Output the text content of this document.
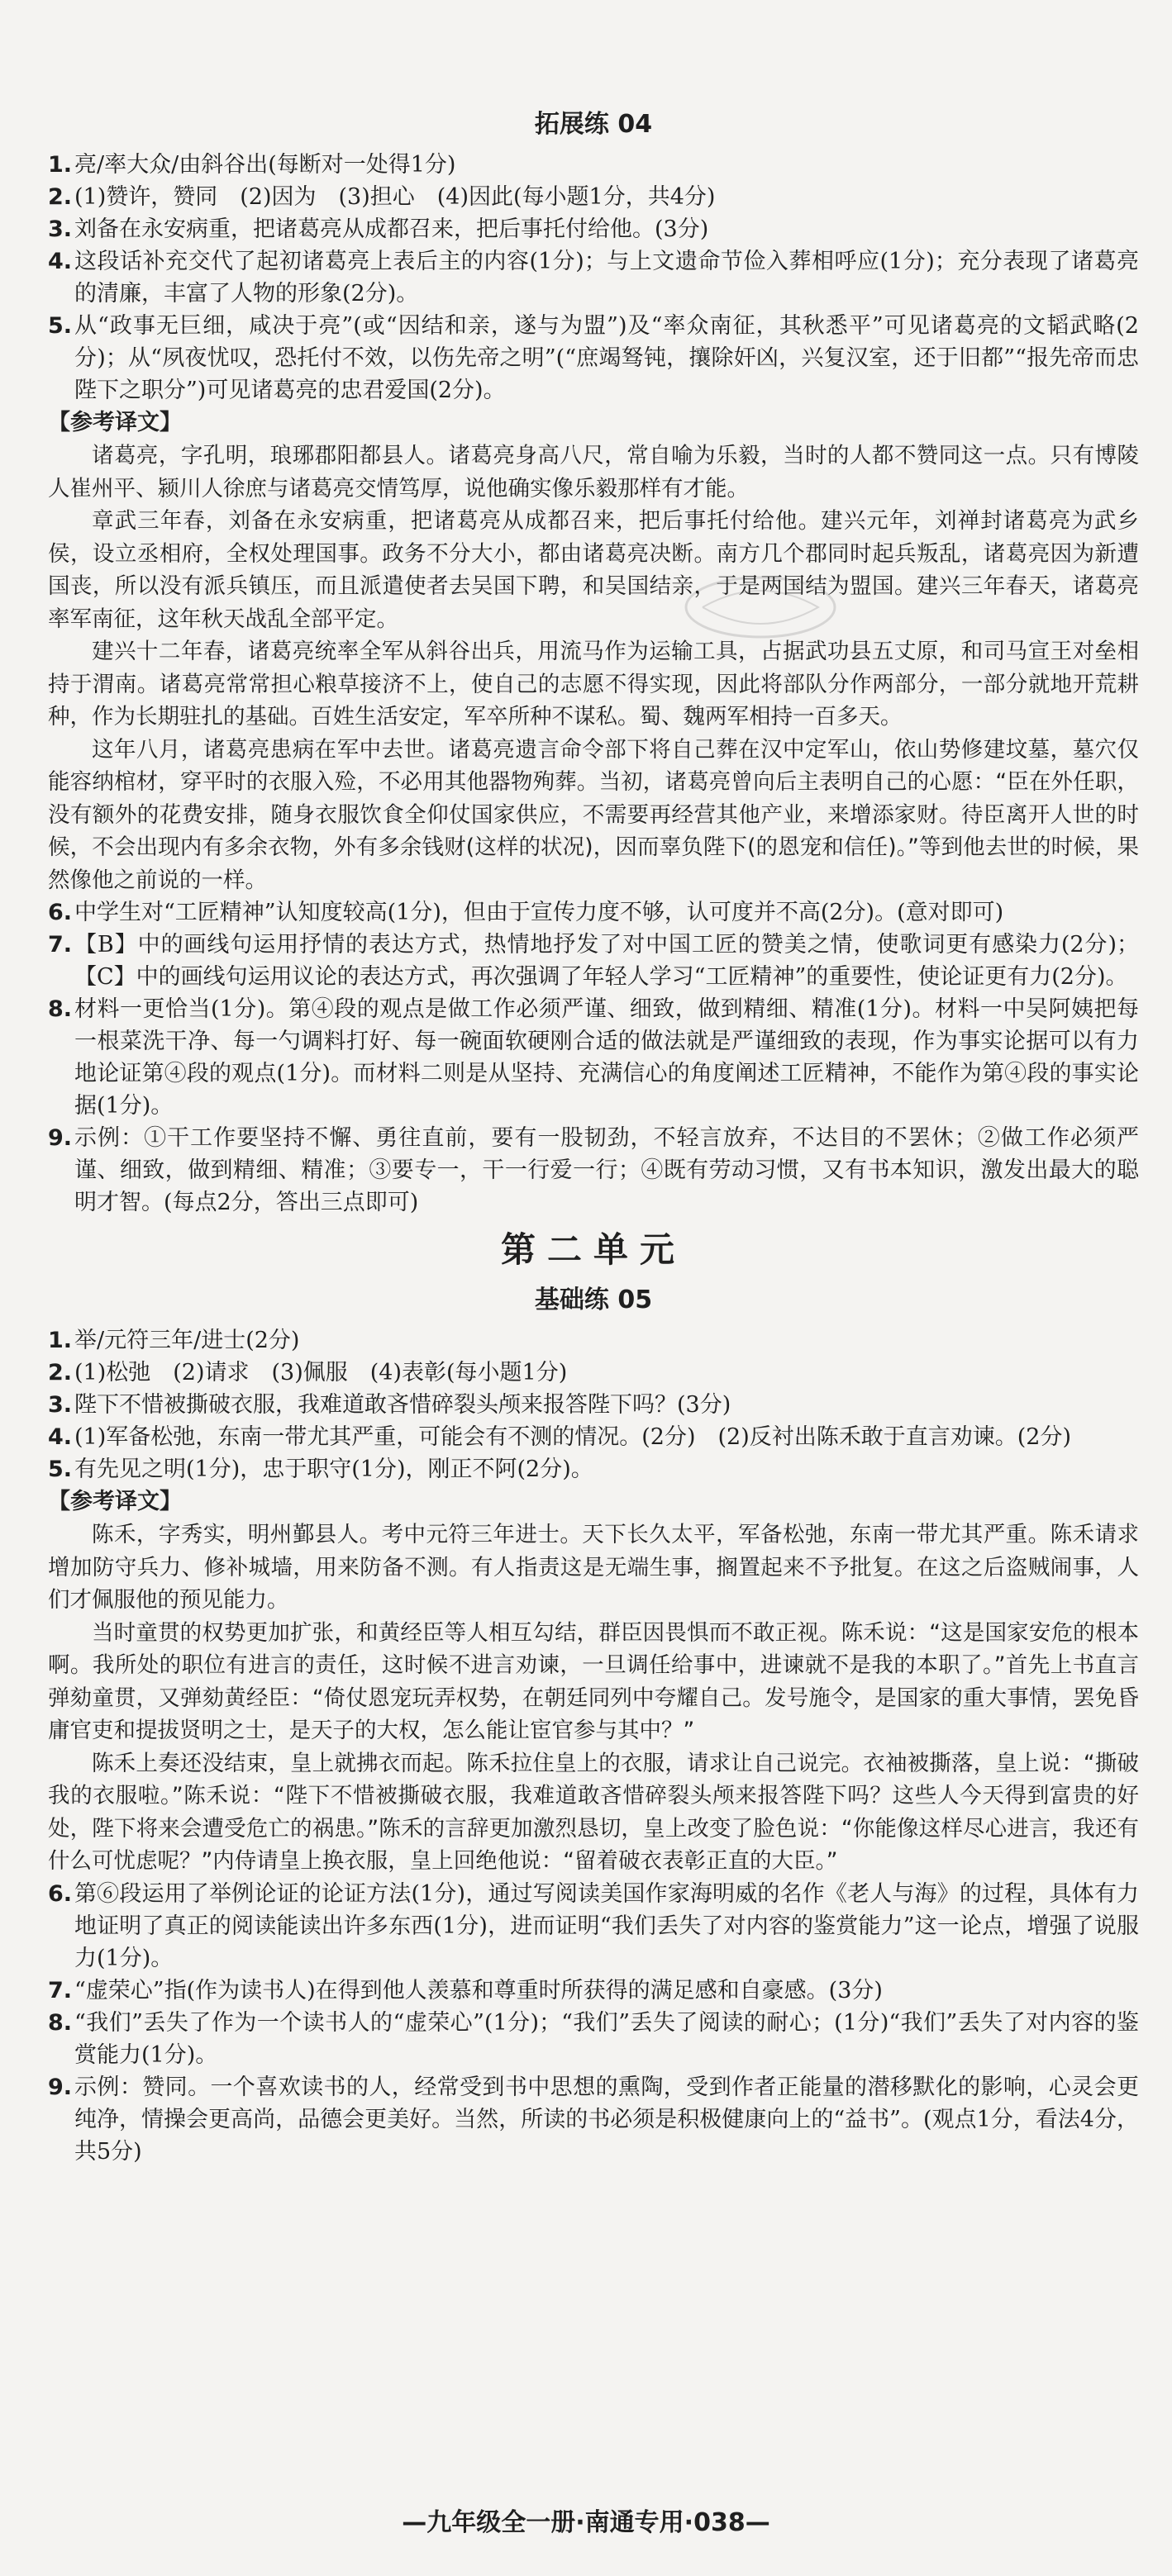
拓展练 04
1. 亮/率大众/由斜谷出(每断对一处得1分)
2. (1)赞许，赞同　(2)因为　(3)担心　(4)因此(每小题1分，共4分)
3. 刘备在永安病重，把诸葛亮从成都召来，把后事托付给他。(3分)
4. 这段话补充交代了起初诸葛亮上表后主的内容(1分)；与上文遗命节俭入葬相呼应(1分)；充分表现了诸葛亮的清廉，丰富了人物的形象(2分)。
5. 从“政事无巨细，咸决于亮”(或“因结和亲，遂与为盟”)及“率众南征，其秋悉平”可见诸葛亮的文韬武略(2分)；从“夙夜忧叹，恐托付不效，以伤先帝之明”(“庶竭驽钝，攘除奸凶，兴复汉室，还于旧都”“报先帝而忠陛下之职分”)可见诸葛亮的忠君爱国(2分)。
【参考译文】

诸葛亮，字孔明，琅琊郡阳都县人。诸葛亮身高八尺，常自喻为乐毅，当时的人都不赞同这一点。只有博陵人崔州平、颍川人徐庶与诸葛亮交情笃厚，说他确实像乐毅那样有才能。

章武三年春，刘备在永安病重，把诸葛亮从成都召来，把后事托付给他。建兴元年，刘禅封诸葛亮为武乡侯，设立丞相府，全权处理国事。政务不分大小，都由诸葛亮决断。南方几个郡同时起兵叛乱，诸葛亮因为新遭国丧，所以没有派兵镇压，而且派遣使者去吴国下聘，和吴国结亲，于是两国结为盟国。建兴三年春天，诸葛亮率军南征，这年秋天战乱全部平定。

建兴十二年春，诸葛亮统率全军从斜谷出兵，用流马作为运输工具，占据武功县五丈原，和司马宣王对垒相持于渭南。诸葛亮常常担心粮草接济不上，使自己的志愿不得实现，因此将部队分作两部分，一部分就地开荒耕种，作为长期驻扎的基础。百姓生活安定，军卒所种不谋私。蜀、魏两军相持一百多天。

这年八月，诸葛亮患病在军中去世。诸葛亮遗言命令部下将自己葬在汉中定军山，依山势修建坟墓，墓穴仅能容纳棺材，穿平时的衣服入殓，不必用其他器物殉葬。当初，诸葛亮曾向后主表明自己的心愿：“臣在外任职，没有额外的花费安排，随身衣服饮食全仰仗国家供应，不需要再经营其他产业，来增添家财。待臣离开人世的时候，不会出现内有多余衣物，外有多余钱财(这样的状况)，因而辜负陛下(的恩宠和信任)。”等到他去世的时候，果然像他之前说的一样。

6. 中学生对“工匠精神”认知度较高(1分)，但由于宣传力度不够，认可度并不高(2分)。(意对即可)
7. 【B】中的画线句运用抒情的表达方式，热情地抒发了对中国工匠的赞美之情，使歌词更有感染力(2分)；【C】中的画线句运用议论的表达方式，再次强调了年轻人学习“工匠精神”的重要性，使论证更有力(2分)。
8. 材料一更恰当(1分)。第④段的观点是做工作必须严谨、细致，做到精细、精准(1分)。材料一中吴阿姨把每一根菜洗干净、每一勺调料打好、每一碗面软硬刚合适的做法就是严谨细致的表现，作为事实论据可以有力地论证第④段的观点(1分)。而材料二则是从坚持、充满信心的角度阐述工匠精神，不能作为第④段的事实论据(1分)。
9. 示例：①干工作要坚持不懈、勇往直前，要有一股韧劲，不轻言放弃，不达目的不罢休；②做工作必须严谨、细致，做到精细、精准；③要专一，干一行爱一行；④既有劳动习惯，又有书本知识，激发出最大的聪明才智。(每点2分，答出三点即可)
第二单元
基础练 05
1. 举/元符三年/进士(2分)
2. (1)松弛　(2)请求　(3)佩服　(4)表彰(每小题1分)
3. 陛下不惜被撕破衣服，我难道敢吝惜碎裂头颅来报答陛下吗？(3分)
4. (1)军备松弛，东南一带尤其严重，可能会有不测的情况。(2分)　(2)反衬出陈禾敢于直言劝谏。(2分)
5. 有先见之明(1分)，忠于职守(1分)，刚正不阿(2分)。
【参考译文】

陈禾，字秀实，明州鄞县人。考中元符三年进士。天下长久太平，军备松弛，东南一带尤其严重。陈禾请求增加防守兵力、修补城墙，用来防备不测。有人指责这是无端生事，搁置起来不予批复。在这之后盗贼闹事，人们才佩服他的预见能力。

当时童贯的权势更加扩张，和黄经臣等人相互勾结，群臣因畏惧而不敢正视。陈禾说：“这是国家安危的根本啊。我所处的职位有进言的责任，这时候不进言劝谏，一旦调任给事中，进谏就不是我的本职了。”首先上书直言弹劾童贯，又弹劾黄经臣：“倚仗恩宠玩弄权势，在朝廷同列中夸耀自己。发号施令，是国家的重大事情，罢免昏庸官吏和提拔贤明之士，是天子的大权，怎么能让宦官参与其中？”

陈禾上奏还没结束，皇上就拂衣而起。陈禾拉住皇上的衣服，请求让自己说完。衣袖被撕落，皇上说：“撕破我的衣服啦。”陈禾说：“陛下不惜被撕破衣服，我难道敢吝惜碎裂头颅来报答陛下吗？这些人今天得到富贵的好处，陛下将来会遭受危亡的祸患。”陈禾的言辞更加激烈恳切，皇上改变了脸色说：“你能像这样尽心进言，我还有什么可忧虑呢？”内侍请皇上换衣服，皇上回绝他说：“留着破衣表彰正直的大臣。”

6. 第⑥段运用了举例论证的论证方法(1分)，通过写阅读美国作家海明威的名作《老人与海》的过程，具体有力地证明了真正的阅读能读出许多东西(1分)，进而证明“我们丢失了对内容的鉴赏能力”这一论点，增强了说服力(1分)。
7. “虚荣心”指(作为读书人)在得到他人羡慕和尊重时所获得的满足感和自豪感。(3分)
8. “我们”丢失了作为一个读书人的“虚荣心”(1分)；“我们”丢失了阅读的耐心；(1分)“我们”丢失了对内容的鉴赏能力(1分)。
9. 示例：赞同。一个喜欢读书的人，经常受到书中思想的熏陶，受到作者正能量的潜移默化的影响，心灵会更纯净，情操会更高尚，品德会更美好。当然，所读的书必须是积极健康向上的“益书”。(观点1分，看法4分，共5分)
—九年级全一册·南通专用·038—
